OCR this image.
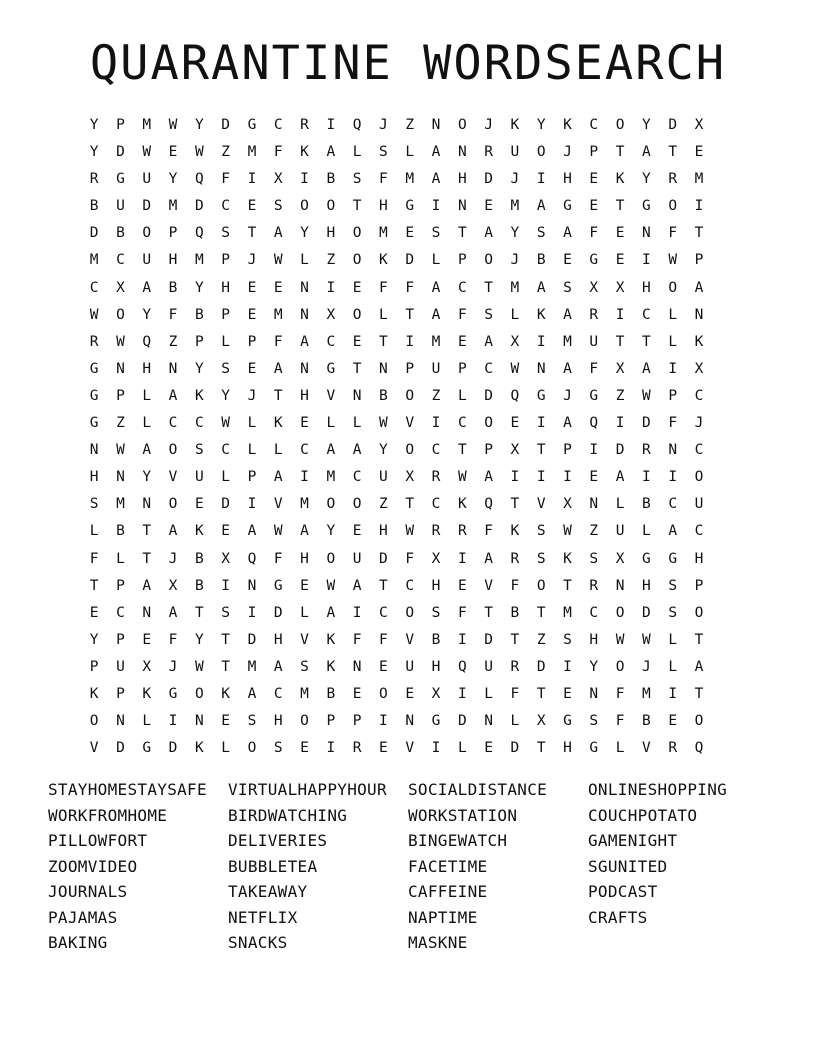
QUARANTINE WORDSEARCH
Y	P	M	W	Y	D	G	C	R	I	Q	J	Z	N	O	J	K	Y	K	C	O	Y	D	X
Y	D	W	E	W	Z	M	F	K	A	L	S	L	A	N	R	U	O	J	P	T	A	T	E
R	G	U	Y	Q	F	I	X	I	B	S	F	M	A	H	D	J	I	H	E	K	Y	R	M
B	U	D	M	D	C	E	S	O	O	T	H	G	I	N	E	M	A	G	E	T	G	O	I
D	B	O	P	Q	S	T	A	Y	H	O	M	E	S	T	A	Y	S	A	F	E	N	F	T
M	C	U	H	M	P	J	W	L	Z	O	K	D	L	P	O	J	B	E	G	E	I	W	P
C	X	A	B	Y	H	E	E	N	I	E	F	F	A	C	T	M	A	S	X	X	H	O	A
W	O	Y	F	B	P	E	M	N	X	O	L	T	A	F	S	L	K	A	R	I	C	L	N
R	W	Q	Z	P	L	P	F	A	C	E	T	I	M	E	A	X	I	M	U	T	T	L	K
G	N	H	N	Y	S	E	A	N	G	T	N	P	U	P	C	W	N	A	F	X	A	I	X
G	P	L	A	K	Y	J	T	H	V	N	B	O	Z	L	D	Q	G	J	G	Z	W	P	C
G	Z	L	C	C	W	L	K	E	L	L	W	V	I	C	O	E	I	A	Q	I	D	F	J
N	W	A	O	S	C	L	L	C	A	A	Y	O	C	T	P	X	T	P	I	D	R	N	C
H	N	Y	V	U	L	P	A	I	M	C	U	X	R	W	A	I	I	I	E	A	I	I	O
S	M	N	O	E	D	I	V	M	O	O	Z	T	C	K	Q	T	V	X	N	L	B	C	U
L	B	T	A	K	E	A	W	A	Y	E	H	W	R	R	F	K	S	W	Z	U	L	A	C
F	L	T	J	B	X	Q	F	H	O	U	D	F	X	I	A	R	S	K	S	X	G	G	H
T	P	A	X	B	I	N	G	E	W	A	T	C	H	E	V	F	O	T	R	N	H	S	P
E	C	N	A	T	S	I	D	L	A	I	C	O	S	F	T	B	T	M	C	O	D	S	O
Y	P	E	F	Y	T	D	H	V	K	F	F	V	B	I	D	T	Z	S	H	W	W	L	T
P	U	X	J	W	T	M	A	S	K	N	E	U	H	Q	U	R	D	I	Y	O	J	L	A
K	P	K	G	O	K	A	C	M	B	E	O	E	X	I	L	F	T	E	N	F	M	I	T
O	N	L	I	N	E	S	H	O	P	P	I	N	G	D	N	L	X	G	S	F	B	E	O
V	D	G	D	K	L	O	S	E	I	R	E	V	I	L	E	D	T	H	G	L	V	R	Q
STAYHOMESTAYSAFE	VIRTUALHAPPYHOUR	SOCIALDISTANCE	ONLINESHOPPING
WORKFROMHOME	BIRDWATCHING	WORKSTATION	COUCHPOTATO
PILLOWFORT	DELIVERIES	BINGEWATCH	GAMENIGHT
ZOOMVIDEO	BUBBLETEA	FACETIME	SGUNITED
JOURNALS	TAKEAWAY	CAFFEINE	PODCAST
PAJAMAS	NETFLIX	NAPTIME	CRAFTS
BAKING	SNACKS	MASKNE
